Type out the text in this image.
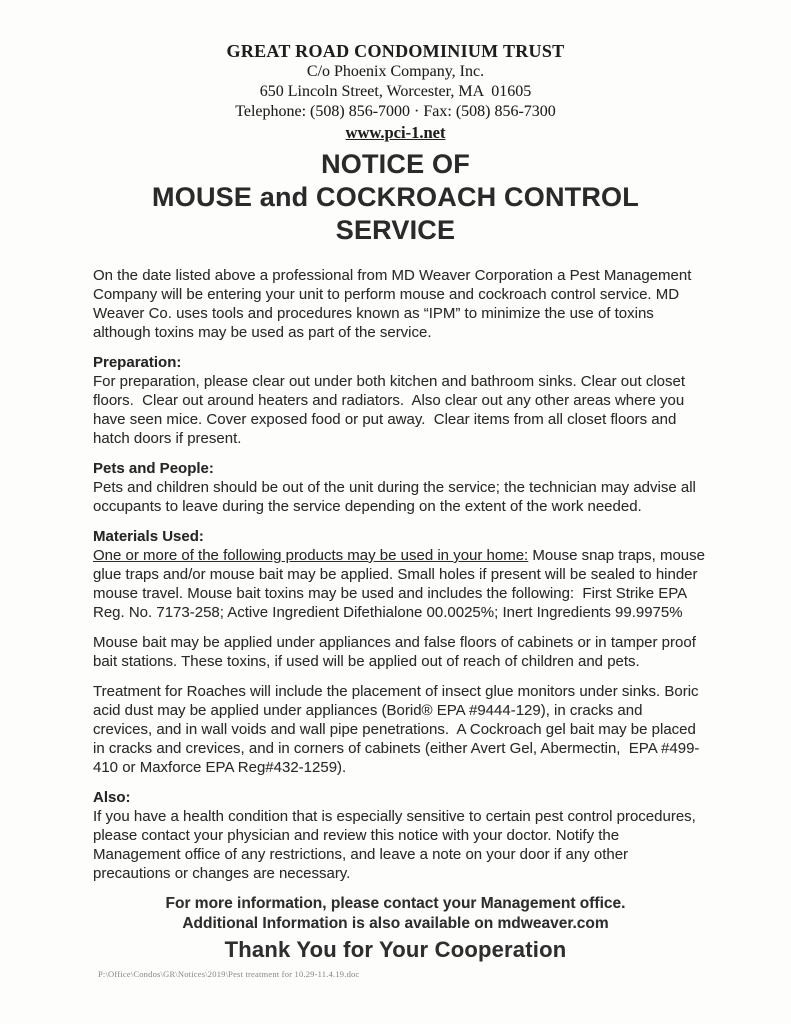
GREAT ROAD CONDOMINIUM TRUST
C/o Phoenix Company, Inc.
650 Lincoln Street, Worcester, MA  01605
Telephone: (508) 856-7000 · Fax: (508) 856-7300
www.pci-1.net
NOTICE OF
MOUSE and COCKROACH CONTROL
SERVICE

On the date listed above a professional from MD Weaver Corporation a Pest Management Company will be entering your unit to perform mouse and cockroach control service. MD Weaver Co. uses tools and procedures known as “IPM” to minimize the use of toxins although toxins may be used as part of the service.

Preparation:

For preparation, please clear out under both kitchen and bathroom sinks. Clear out closet floors.  Clear out around heaters and radiators.  Also clear out any other areas where you have seen mice. Cover exposed food or put away.  Clear items from all closet floors and hatch doors if present.

Pets and People:

Pets and children should be out of the unit during the service; the technician may advise all occupants to leave during the service depending on the extent of the work needed.

Materials Used:

One or more of the following products may be used in your home: Mouse snap traps, mouse glue traps and/or mouse bait may be applied. Small holes if present will be sealed to hinder mouse travel. Mouse bait toxins may be used and includes the following:  First Strike EPA Reg. No. 7173-258; Active Ingredient Difethialone 00.0025%; Inert Ingredients 99.9975%

Mouse bait may be applied under appliances and false floors of cabinets or in tamper proof bait stations. These toxins, if used will be applied out of reach of children and pets.

Treatment for Roaches will include the placement of insect glue monitors under sinks. Boric acid dust may be applied under appliances (Borid® EPA #9444-129), in cracks and crevices, and in wall voids and wall pipe penetrations.  A Cockroach gel bait may be placed in cracks and crevices, and in corners of cabinets (either Avert Gel, Abermectin,  EPA #499-410 or Maxforce EPA Reg#432-1259).

Also:

If you have a health condition that is especially sensitive to certain pest control procedures, please contact your physician and review this notice with your doctor. Notify the Management office of any restrictions, and leave a note on your door if any other precautions or changes are necessary.

For more information, please contact your Management office.
Additional Information is also available on mdweaver.com
Thank You for Your Cooperation
P:\Office\Condos\GR\Notices\2019\Pest treatment for 10.29-11.4.19.doc
